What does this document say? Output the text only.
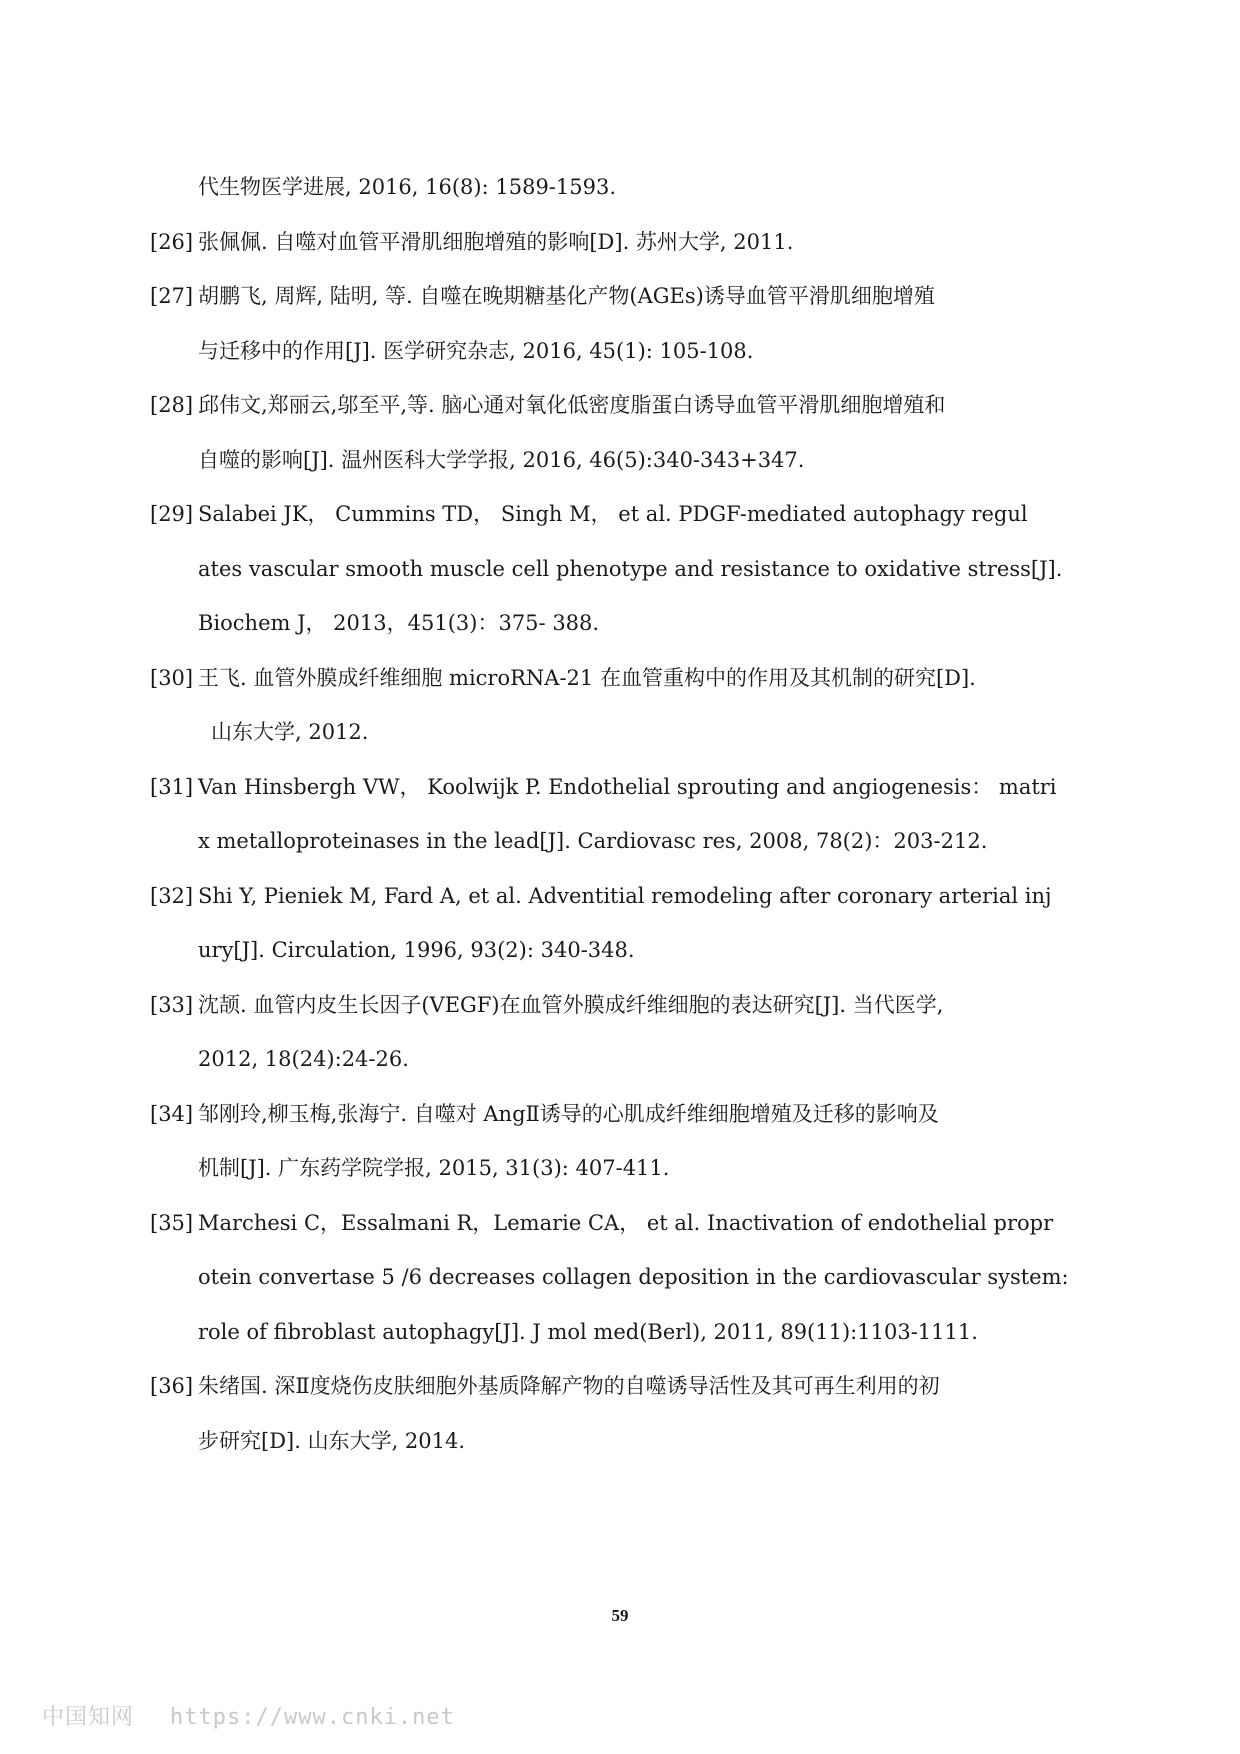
代生物医学进展, 2016, 16(8): 1589-1593.
[26] 张佩佩. 自噬对血管平滑肌细胞增殖的影响[D]. 苏州大学, 2011.
[27] 胡鹏飞, 周辉, 陆明, 等. 自噬在晚期糖基化产物(AGEs)诱导血管平滑肌细胞增殖
与迁移中的作用[J]. 医学研究杂志, 2016, 45(1): 105-108.
[28] 邱伟文,郑丽云,邬至平,等. 脑心通对氧化低密度脂蛋白诱导血管平滑肌细胞增殖和
自噬的影响[J]. 温州医科大学学报, 2016, 46(5):340-343+347.
[29] Salabei JK， Cummins TD， Singh M， et al. PDGF-mediated autophagy regul
ates vascular smooth muscle cell phenotype and resistance to oxidative stress[J].
Biochem J， 2013，451(3)：375- 388.
[30] 王飞. 血管外膜成纤维细胞 microRNA-21 在血管重构中的作用及其机制的研究[D].
山东大学, 2012.
[31] Van Hinsbergh VW， Koolwijk P. Endothelial sprouting and angiogenesis： matri
x metalloproteinases in the lead[J]. Cardiovasc res, 2008, 78(2)：203-212.
[32] Shi Y, Pieniek M, Fard A, et al. Adventitial remodeling after coronary arterial inj
ury[J]. Circulation, 1996, 93(2): 340-348.
[33] 沈颉. 血管内皮生长因子(VEGF)在血管外膜成纤维细胞的表达研究[J]. 当代医学,
2012, 18(24):24-26.
[34] 邹刚玲,柳玉梅,张海宁. 自噬对 AngⅡ诱导的心肌成纤维细胞增殖及迁移的影响及
机制[J]. 广东药学院学报, 2015, 31(3): 407-411.
[35] Marchesi C，Essalmani R，Lemarie CA， et al. Inactivation of endothelial propr
otein convertase 5 /6 decreases collagen deposition in the cardiovascular system:
role of fibroblast autophagy[J]. J mol med(Berl), 2011, 89(11):1103-1111.
[36] 朱绪国. 深Ⅱ度烧伤皮肤细胞外基质降解产物的自噬诱导活性及其可再生利用的初
步研究[D]. 山东大学, 2014.
59
中国知网 https://www.cnki.net
